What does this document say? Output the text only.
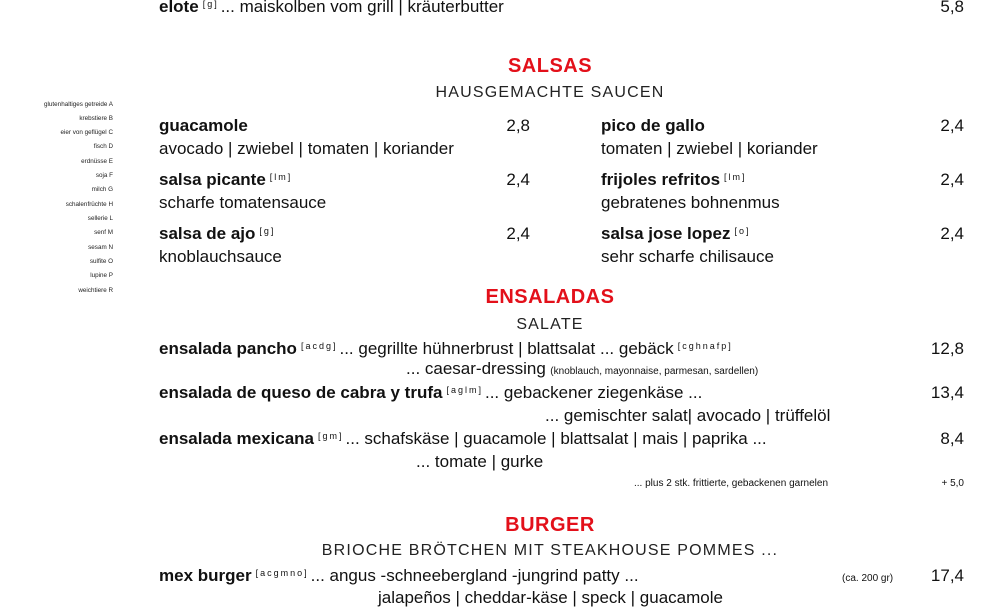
elote [g] ... maiskolben vom grill | kräuterbutter	5,8
SALSAS
HAUSGEMACHTE SAUCEN
glutenhaltiges getreide A
krebstiere B
eier von geflügel C
fisch D
erdnüsse E
soja F
milch G
schalenfrüchte H
sellerie L
senf M
sesam N
sulfite O
lupine P
weichtiere R
guacamole	2,8
avocado | zwiebel | tomaten | koriander
salsa picante [lm]	2,4
scharfe tomatensauce
salsa de ajo [g]	2,4
knoblauchsauce
pico de gallo	2,4
tomaten | zwiebel | koriander
frijoles refritos [lm]	2,4
gebratenes bohnenmus
salsa jose lopez [o]	2,4
sehr scharfe chilisauce
ENSALADAS
SALATE
ensalada pancho [acdg] ... gegrillte hühnerbrust | blattsalat ... gebäck [cghnafp]	12,8
... caesar-dressing (knoblauch, mayonnaise, parmesan, sardellen)
ensalada de queso de cabra y trufa [aglm] ... gebackener ziegenkäse ...	13,4
... gemischter salat| avocado | trüffelöl
ensalada mexicana [gm] ... schafskäse | guacamole | blattsalat | mais | paprika ...	8,4
... tomate | gurke
... plus 2 stk. frittierte, gebackenen garnelen	+ 5,0
BURGER
BRIOCHE BRÖTCHEN MIT STEAKHOUSE POMMES ...
mex burger [acgmno] ... angus -schneebergland -jungrind patty ...	(ca. 200 gr) 17,4
jalapeños | cheddar-käse | speck | guacamole
